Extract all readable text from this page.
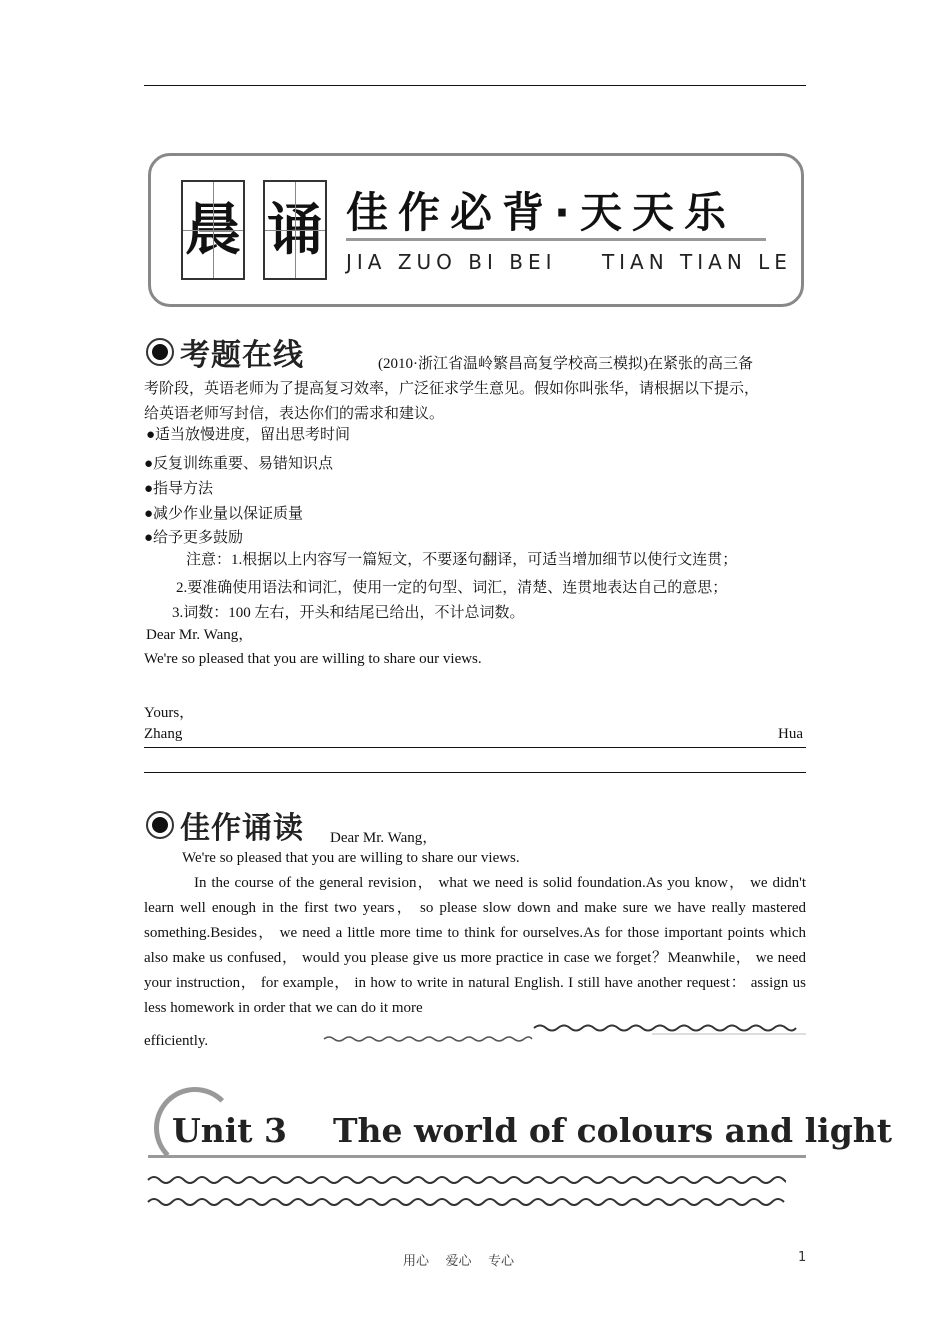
晨 诵 佳作必背·天天乐
JIA ZUO BI BEI    TIAN TIAN LE
考题在线	(2010·浙江省温岭繁昌高复学校高三模拟)在紧张的高三备
考阶段，英语老师为了提高复习效率，广泛征求学生意见。假如你叫张华，请根据以下提示，
给英语老师写封信，表达你们的需求和建议。
●适当放慢进度，留出思考时间
●反复训练重要、易错知识点
●指导方法
●减少作业量以保证质量
●给予更多鼓励
注意：1.根据以上内容写一篇短文，不要逐句翻译，可适当增加细节以使行文连贯；
2.要准确使用语法和词汇，使用一定的句型、词汇，清楚、连贯地表达自己的意思；
3.词数：100 左右，开头和结尾已给出，不计总词数。
Dear Mr. Wang，
We're so pleased that you are willing to share our views.
Yours，
Zhang	Hua
佳作诵读 Dear Mr. Wang，
We're so pleased that you are willing to share our views.
In the course of the general revision， what we need is solid foundation.As you know， we didn't learn well enough in the first two years， so please slow down and make sure we have really mastered something.Besides， we need a little more time to think for ourselves.As for those important points which also make us confused， would you please give us more practice in case we forget？Meanwhile， we need your instruction， for example， in how to write in natural English. I still have another request： assign us less homework in order that we can do it more
efficiently.
Unit 3    The world of colours and light
用心    爱心    专心	1
